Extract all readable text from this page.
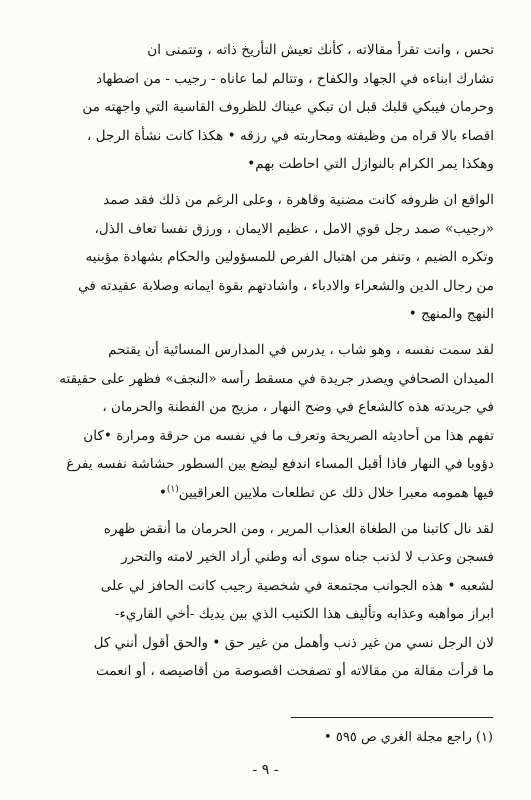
تحس ، وانت تقرأ مقالاته ، كأنك تعيش التأريخ ذاته ، وتتمنى ان
تشارك ابناءه في الجهاد والكفاح ، وتتالم لما عاناه - رجيب - من اضطهاد
وحرمان فيبكي قلبك قبل ان تبكي عيناك للظروف القاسية التي واجهته من
اقصاء بالا قراه من وظيفته ومحاربته في رزقه • هكذا كانت نشأة الرجل ،
وهكذا يمر الكرام بالنوازل التي احاطت بهم•

الواقع ان ظروفه كانت مضنية وقاهرة ، وعلى الرغم من ذلك فقد صمد
«رجيب» صمد رجل قوي الامل ، عظيم الايمان ، ورزق نفسا تعاف الذل،
وتكره الضيم ، وتنفر من اهتبال الفرص للمسؤولين والحكام بشهادة مؤبنيه
من رجال الدين والشعراء والادباء ، واشادتهم بقوة ايمانه وصلابة عقيدته في
النهج والمنهج •

لقد سمت نفسه ، وهو شاب ، يدرس في المدارس المسائية أن يقتحم
الميدان الصحافي ويصدر جريدة في مسقط رأسه «النجف» فظهر على حقيقته
في جريدته هذه كالشعاع في وضح النهار ، مزيج من الفطنة والحرمان ،
تفهم هذا من أحاديثه الصريحة وتعرف ما في نفسه من حرقة ومرارة •كان
دؤوبا في النهار فاذا أقبل المساء اندفع ليضع بين السطور حشاشة نفسه يفرغ
فيها همومه معبرا خلال ذلك عن تطلعات ملايين العراقيين$^{(١)}$•

لقد نال كاتبنا من الطغاة العذاب المرير ، ومن الحرمان ما أنقض ظهره
فسجن وعذب لا لذنب جناه سوى أنه وطني أراد الخير لامته والتحرر
لشعبه • هذه الجوانب مجتمعة في شخصية رجيب كانت الحافز لي على
ابراز مواهبه وعذابه وتأليف هذا الكتيب الذي بين يديك -أخي القاريء-
لان الرجل نسي من غير ذنب وأهمل من غير حق • والحق أقول أنني كل
ما قرأت مقالة من مقالاته أو تصفحت اقصوصة من أقاصيصه ، أو انعمت

(١) راجع مجلة الغري ص ٥٩٥ •
- ٩ -
